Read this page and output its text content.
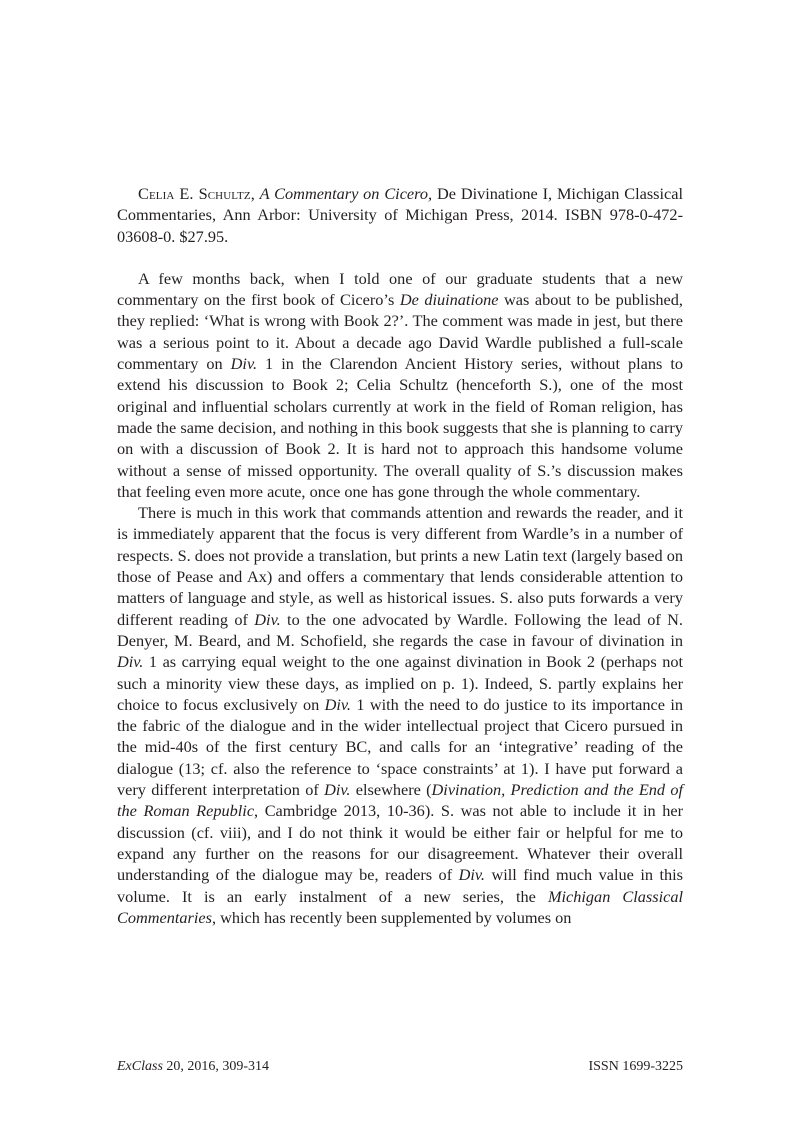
Celia E. Schultz, A Commentary on Cicero, De Divinatione I, Michigan Classical Commentaries, Ann Arbor: University of Michigan Press, 2014. ISBN 978-0-472-03608-0. $27.95.

A few months back, when I told one of our graduate students that a new commentary on the first book of Cicero’s De diuinatione was about to be published, they replied: ‘What is wrong with Book 2?’. The comment was made in jest, but there was a serious point to it. About a decade ago David Wardle published a full-scale commentary on Div. 1 in the Clarendon Ancient History series, without plans to extend his discussion to Book 2; Celia Schultz (henceforth S.), one of the most original and influential scholars currently at work in the field of Roman religion, has made the same decision, and nothing in this book suggests that she is planning to carry on with a discussion of Book 2. It is hard not to approach this handsome volume without a sense of missed opportunity. The overall quality of S.’s discussion makes that feeling even more acute, once one has gone through the whole commentary.

There is much in this work that commands attention and rewards the reader, and it is immediately apparent that the focus is very different from Wardle’s in a number of respects. S. does not provide a translation, but prints a new Latin text (largely based on those of Pease and Ax) and offers a commentary that lends considerable attention to matters of language and style, as well as historical issues. S. also puts forwards a very different reading of Div. to the one advocated by Wardle. Following the lead of N. Denyer, M. Beard, and M. Schofield, she regards the case in favour of divination in Div. 1 as carrying equal weight to the one against divination in Book 2 (perhaps not such a minority view these days, as implied on p. 1). Indeed, S. partly explains her choice to focus exclusively on Div. 1 with the need to do justice to its importance in the fabric of the dialogue and in the wider intellectual project that Cicero pursued in the mid-40s of the first century BC, and calls for an ‘integrative’ reading of the dialogue (13; cf. also the reference to ‘space constraints’ at 1). I have put forward a very different interpretation of Div. elsewhere (Divination, Prediction and the End of the Roman Republic, Cambridge 2013, 10-36). S. was not able to include it in her discussion (cf. viii), and I do not think it would be either fair or helpful for me to expand any further on the reasons for our disagreement. Whatever their overall understanding of the dialogue may be, readers of Div. will find much value in this volume. It is an early instalment of a new series, the Michigan Classical Commentaries, which has recently been supplemented by volumes on

ExClass 20, 2016, 309-314	ISSN 1699-3225
